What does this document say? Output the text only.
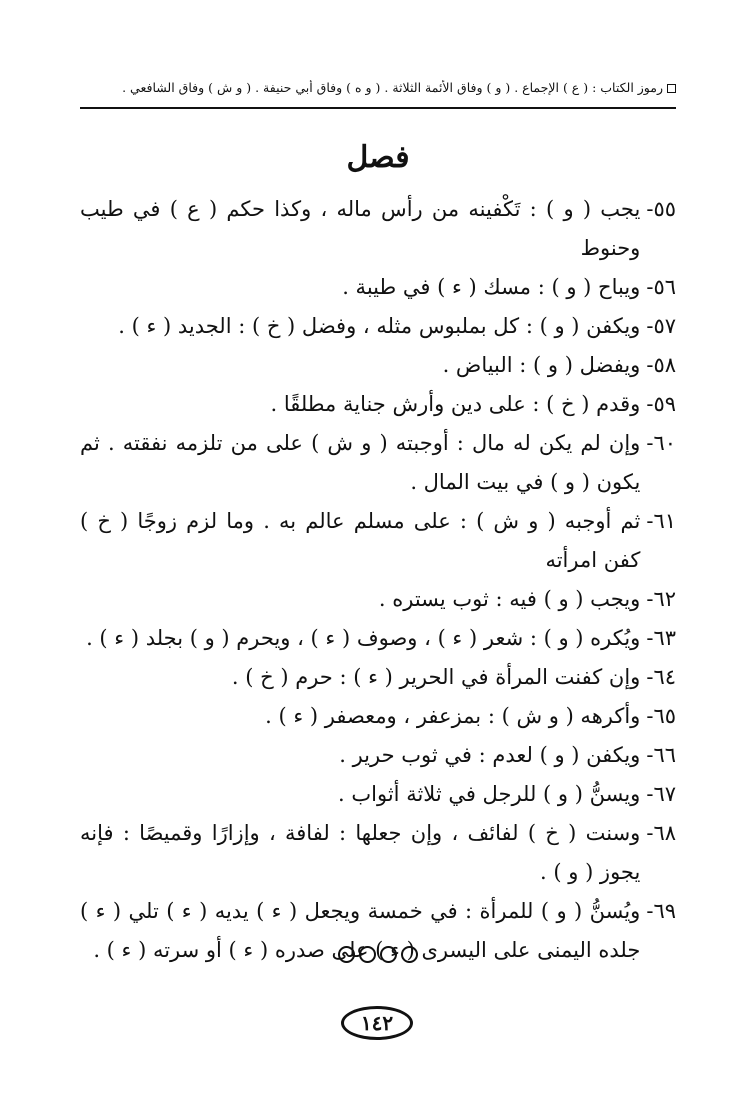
رموز الكتاب : ( ع ) الإجماع . ( و ) وفاق الأئمة الثلاثة . ( و ه ) وفاق أبي حنيفة . ( و ش ) وفاق الشافعي .
فصل
٥٥-
يجب ( و ) : تَكْفينه من رأس ماله ، وكذا حكم ( ع ) في طيب وحنوط
٥٦-
ويباح ( و ) : مسك ( ء ) في طيبة .
٥٧-
ويكفن ( و ) : كل بملبوس مثله ، وفضل ( خ ) : الجديد ( ء ) .
٥٨-
ويفضل ( و ) : البياض .
٥٩-
وقدم ( خ ) : على دين وأرش جناية مطلقًا .
٦٠-
وإن لم يكن له مال : أوجبته ( و ش ) على من تلزمه نفقته . ثم يكون ( و ) في بيت المال .
٦١-
ثم أوجبه ( و ش ) : على مسلم عالم به . وما لزم زوجًا ( خ ) كفن امرأته
٦٢-
ويجب ( و ) فيه : ثوب يستره .
٦٣-
ويُكره ( و ) : شعر ( ء ) ، وصوف ( ء ) ، ويحرم ( و ) بجلد ( ء ) .
٦٤-
وإن كفنت المرأة في الحرير ( ء ) : حرم ( خ ) .
٦٥-
وأكرهه ( و ش ) : بمزعفر ، ومعصفر ( ء ) .
٦٦-
ويكفن ( و ) لعدم : في ثوب حرير .
٦٧-
ويسنُّ ( و ) للرجل في ثلاثة أثواب .
٦٨-
وسنت ( خ ) لفائف ، وإن جعلها : لفافة ، وإزارًا وقميصًا : فإنه يجوز ( و ) .
٦٩-
ويُسنُّ ( و ) للمرأة : في خمسة ويجعل ( ء ) يديه ( ء ) تلي ( ء ) جلده اليمنى على اليسرى ( ء ) على صدره ( ء ) أو سرته ( ء ) .
١٤٢
